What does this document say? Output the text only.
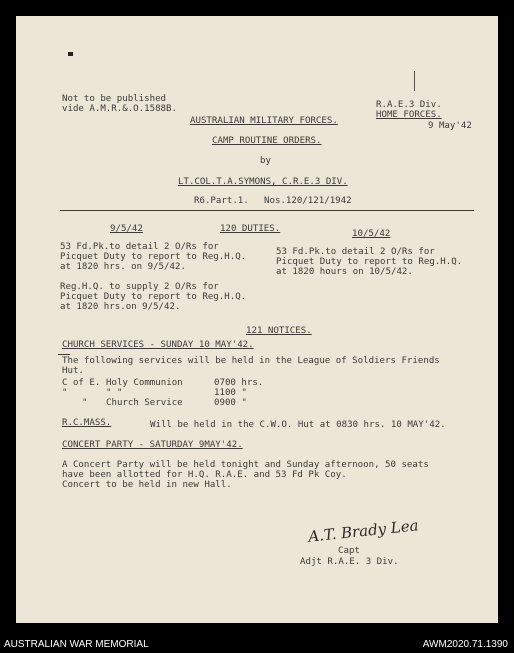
Not to be published
vide A.M.R.&.O.1588B.	R.A.E.3 Div.
HOME FORCES.
9 May'42
AUSTRALIAN MILITARY FORCES.
CAMP ROUTINE ORDERS.
by
LT.COL.T.A.SYMONS, C.R.E.3 DIV.
R6.Part.1. Nos.120/121/1942
9/5/42	120 DUTIES.	10/5/42
53 Fd.Pk.to detail 2 O/Rs for
Picquet Duty to report to Reg.H.Q.
at 1820 hrs. on 9/5/42.
53 Fd.Pk.to detail 2 O/Rs for
Picquet Duty to report to Reg.H.Q.
at 1820 hours on 10/5/42.
Reg.H.Q. to supply 2 O/Rs for
Picquet Duty to report to Reg.H.Q.
at 1820 hrs.on 9/5/42.
121 NOTICES.
CHURCH SERVICES - SUNDAY 10 MAY'42.
The following services will be held in the League of Soldiers Friends
Hut.
C of E. Holy Communion	0700 hrs.
"	" "	1100 "
" Church Service	0900 "
R.C.MASS.	Will be held in the C.W.O. Hut at 0830 hrs. 10 MAY'42.
CONCERT PARTY - SATURDAY 9MAY'42.
A Concert Party will be held tonight and Sunday afternoon, 50 seats
have been allotted for H.Q. R.A.E. and 53 Fd Pk Coy.
Concert to be held in new Hall.
A.T. Brady Lea
Capt
Adjt R.A.E. 3 Div.
AUSTRALIAN WAR MEMORIAL	AWM2020.71.1390
